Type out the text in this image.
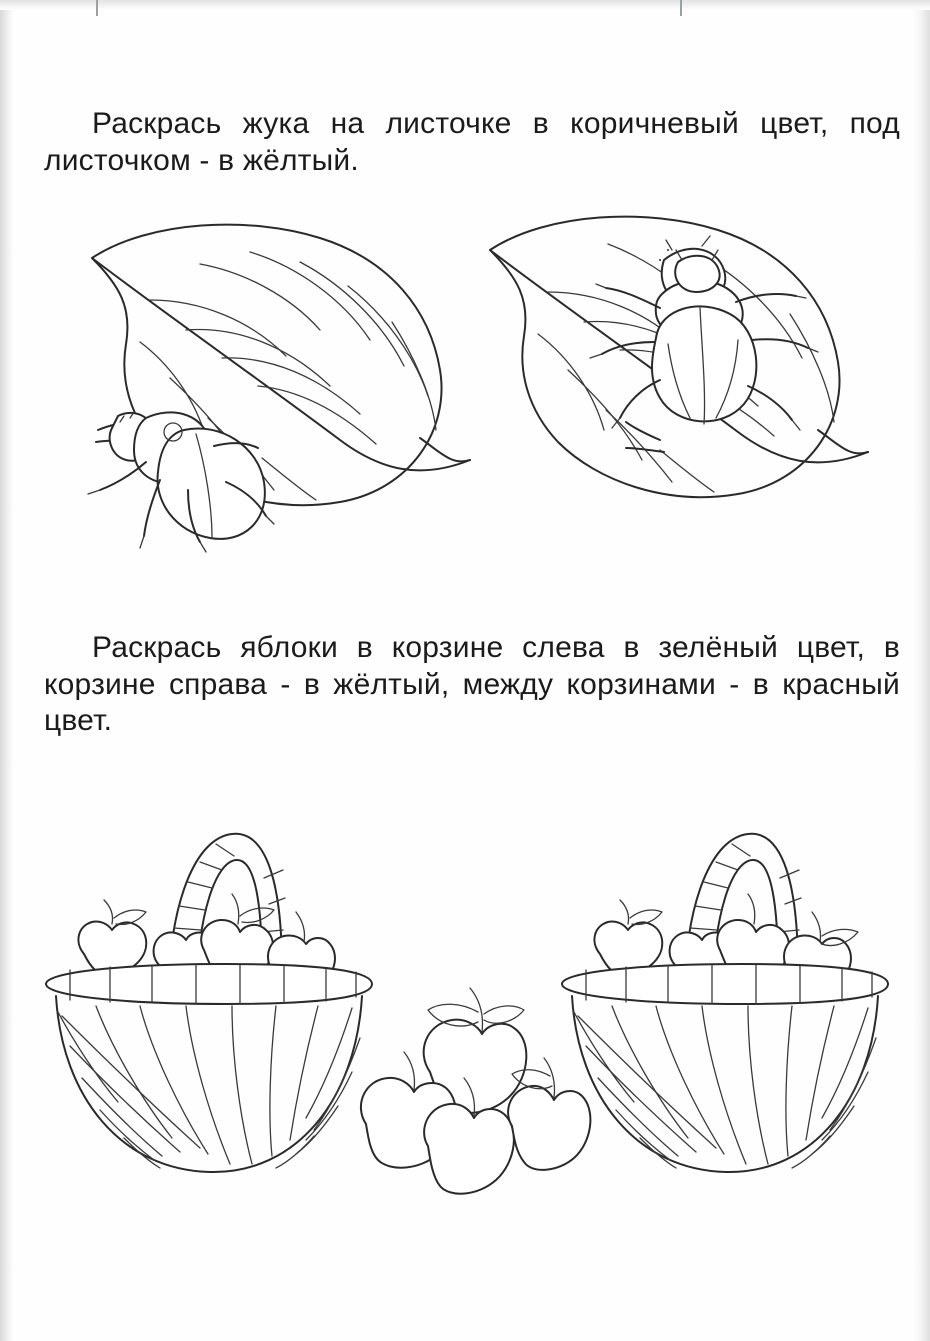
Раскрась жука на листочке в коричневый цвет, под листочком - в жёлтый.

Раскрась яблоки в корзине слева в зелёный цвет, в корзине справа - в жёлтый, между корзинами - в красный цвет.
